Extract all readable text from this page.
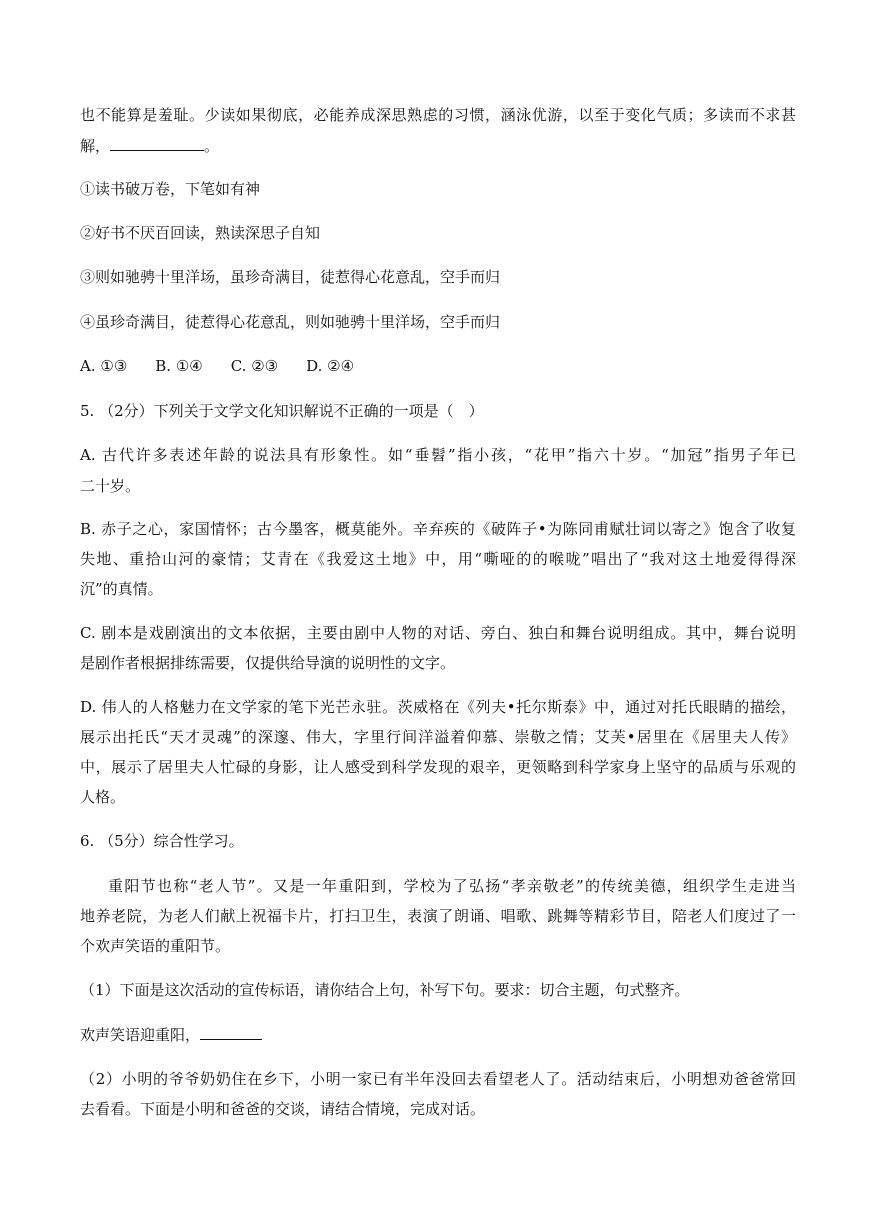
也不能算是羞耻。少读如果彻底，必能养成深思熟虑的习惯，涵泳优游，以至于变化气质；多读而不求甚
解，	。
①读书破万卷，下笔如有神
②好书不厌百回读，熟读深思子自知
③则如驰骋十里洋场，虽珍奇满目，徒惹得心花意乱，空手而归
④虽珍奇满目，徒惹得心花意乱，则如驰骋十里洋场，空手而归
A. ①③ B. ①④ C. ②③ D. ②④
5. （2分）下列关于文学文化知识解说不正确的一项是（　）
A. 古代许多表述年龄的说法具有形象性。如“垂髫”指小孩，“花甲”指六十岁。“加冠”指男子年已
二十岁。
B. 赤子之心，家国情怀；古今墨客，概莫能外。辛弃疾的《破阵子•为陈同甫赋壮词以寄之》饱含了收复
失地、重拾山河的豪情；艾青在《我爱这土地》中，用“嘶哑的的喉咙”唱出了“我对这土地爱得得深
沉”的真情。
C. 剧本是戏剧演出的文本依据，主要由剧中人物的对话、旁白、独白和舞台说明组成。其中，舞台说明
是剧作者根据排练需要，仅提供给导演的说明性的文字。
D. 伟人的人格魅力在文学家的笔下光芒永驻。茨威格在《列夫•托尔斯泰》中，通过对托氏眼睛的描绘，
展示出托氏“天才灵魂”的深邃、伟大，字里行间洋溢着仰慕、崇敬之情；艾芙•居里在《居里夫人传》
中，展示了居里夫人忙碌的身影，让人感受到科学发现的艰辛，更领略到科学家身上坚守的品质与乐观的
人格。
6. （5分）综合性学习。
重阳节也称“老人节”。又是一年重阳到，学校为了弘扬“孝亲敬老”的传统美德，组织学生走进当
地养老院，为老人们献上祝福卡片，打扫卫生，表演了朗诵、唱歌、跳舞等精彩节目，陪老人们度过了一
个欢声笑语的重阳节。
（1）下面是这次活动的宣传标语，请你结合上句，补写下句。要求：切合主题，句式整齐。
欢声笑语迎重阳，
（2）小明的爷爷奶奶住在乡下，小明一家已有半年没回去看望老人了。活动结束后，小明想劝爸爸常回
去看看。下面是小明和爸爸的交谈，请结合情境，完成对话。
